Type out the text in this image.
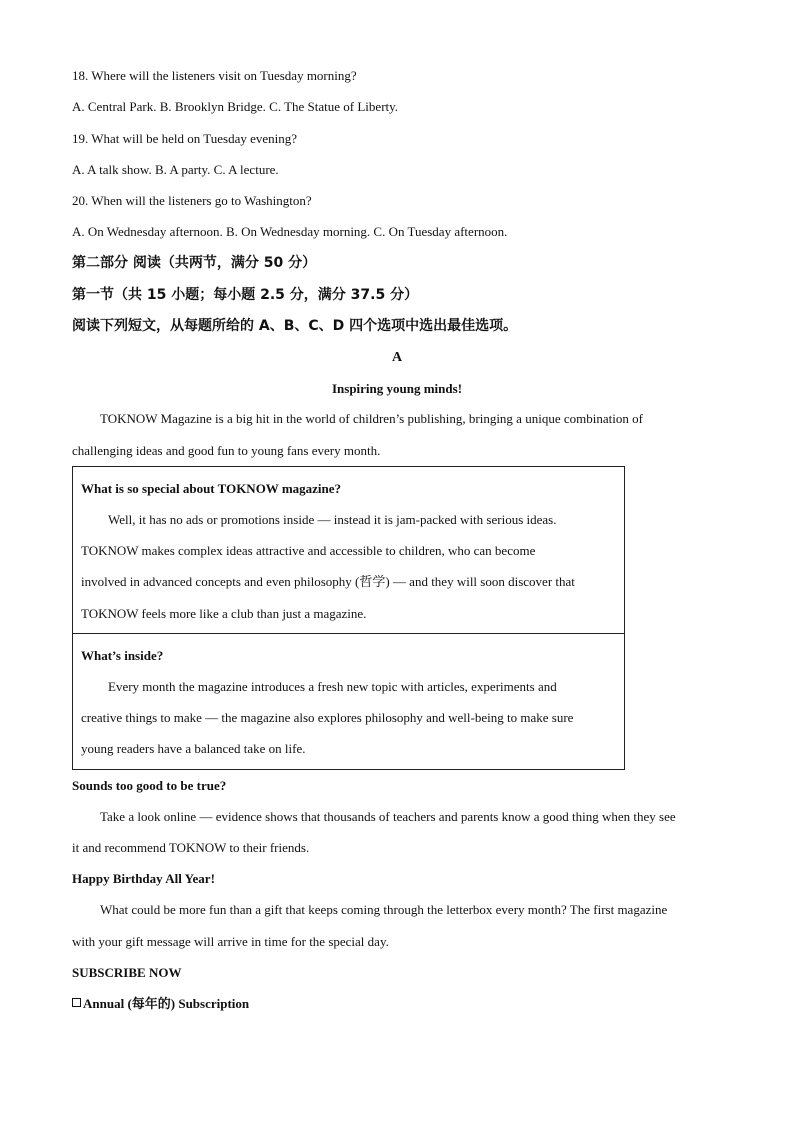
18. Where will the listeners visit on Tuesday morning?
A. Central Park. B. Brooklyn Bridge. C. The Statue of Liberty.
19. What will be held on Tuesday evening?
A. A talk show. B. A party. C. A lecture.
20. When will the listeners go to Washington?
A. On Wednesday afternoon. B. On Wednesday morning. C. On Tuesday afternoon.
第二部分 阅读（共两节，满分 50 分）
第一节（共 15 小题；每小题 2.5 分，满分 37.5 分）
阅读下列短文，从每题所给的 A、B、C、D 四个选项中选出最佳选项。
A
Inspiring young minds!
TOKNOW Magazine is a big hit in the world of children’s publishing, bringing a unique combination of
challenging ideas and good fun to young fans every month.
What is so special about TOKNOW magazine?
Well, it has no ads or promotions inside — instead it is jam-packed with serious ideas.
TOKNOW makes complex ideas attractive and accessible to children, who can become
involved in advanced concepts and even philosophy (哲学) — and they will soon discover that
TOKNOW feels more like a club than just a magazine.
What’s inside?
Every month the magazine introduces a fresh new topic with articles, experiments and
creative things to make — the magazine also explores philosophy and well-being to make sure
young readers have a balanced take on life.
Sounds too good to be true?
Take a look online — evidence shows that thousands of teachers and parents know a good thing when they see
it and recommend TOKNOW to their friends.
Happy Birthday All Year!
What could be more fun than a gift that keeps coming through the letterbox every month? The first magazine
with your gift message will arrive in time for the special day.
SUBSCRIBE NOW
Annual (每年的) Subscription
